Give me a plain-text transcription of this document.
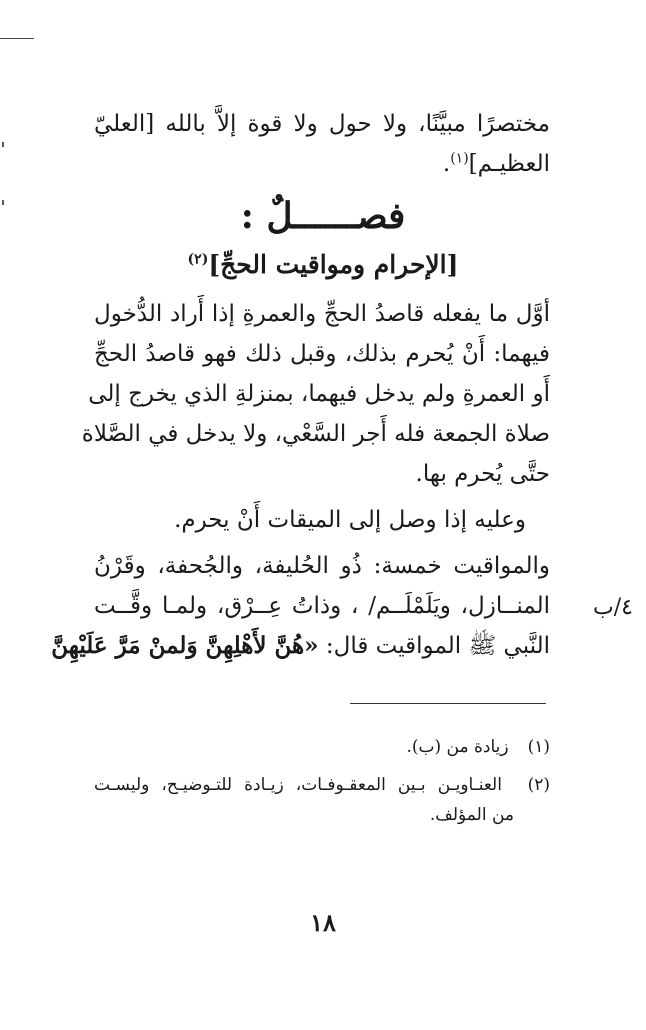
مختصرًا مبيَّنًا، ولا حول ولا قوة إلاَّ بالله [العليّ
العظيـم]$^{(١)}$.
فصــــــلٌ :
[الإحرام ومواقيت الحجِّ]$^{(٢)}$
أوَّل ما يفعله قاصدُ الحجِّ والعمرةِ إذا أَراد الدُّخول
فيهما: أَنْ يُحرم بذلك، وقبل ذلك فهو قاصدُ الحجِّ
أَو العمرةِ ولم يدخل فيهما، بمنزلةِ الذي يخرج إلى
صلاة الجمعة فله أَجر السَّعْي، ولا يدخل في الصَّلاة
حتَّى يُحرم بها.
وعليه إذا وصل إلى الميقات أَنْ يحرم.
والمواقيت خمسة: ذُو الحُليفة، والجُحفة، وقَرْنُ
المنــازل، ويَلَمْلَــم/ ، وذاتُ عِــرْق، ولمـا وقَّــت
النَّبي ﷺ المواقيت قال: «هُنَّ لأَهْلِهِنَّ وَلمنْ مَرَّ عَلَيْهِنَّ
٤/ب
(١) زيادة من (ب).
(٢) العنـاويـن بـين المعقـوفـات، زيـادة للتـوضيـح، وليسـت
من المؤلف.
١٨
